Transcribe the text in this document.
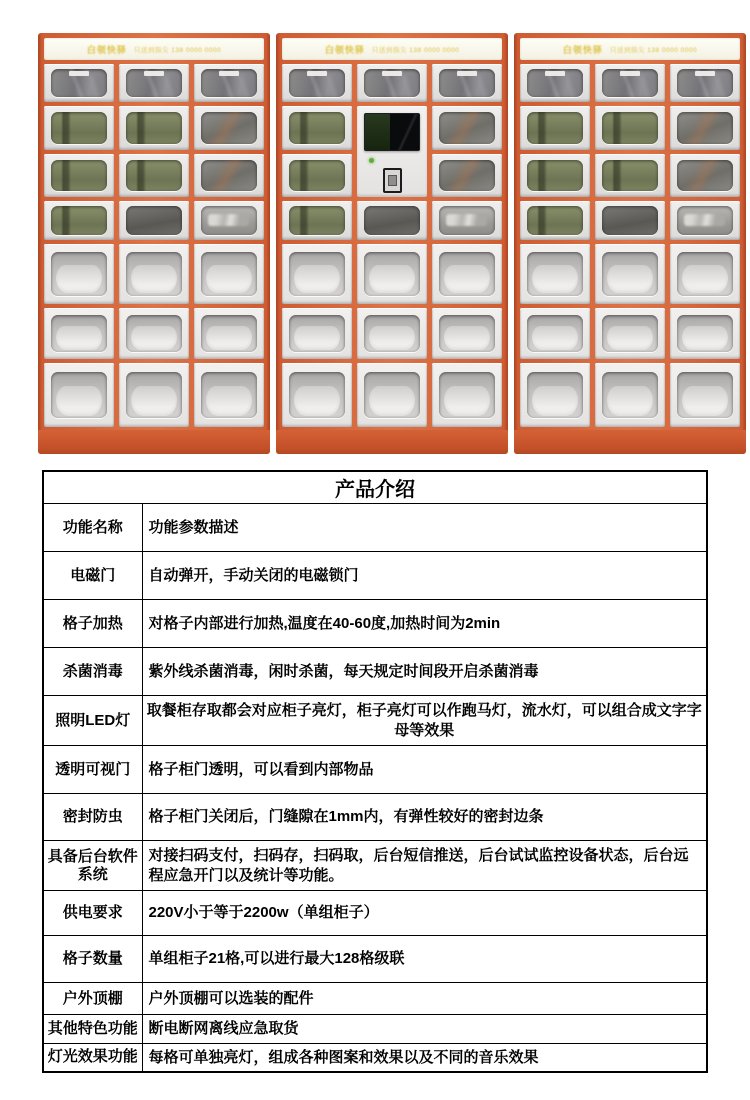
白领快驿 只送到指尖 138 0000 0000	白领快驿 只送到指尖 138 0000 0000	白领快驿 只送到指尖 138 0000 0000
产品介绍	
功能名称	功能参数描述
电磁门	自动弹开，手动关闭的电磁锁门
格子加热	对格子内部进行加热,温度在40-60度,加热时间为2min
杀菌消毒	紫外线杀菌消毒，闲时杀菌，每天规定时间段开启杀菌消毒
照明LED灯	取餐柜存取都会对应柜子亮灯，柜子亮灯可以作跑马灯，流水灯，可以组合成文字字母等效果
透明可视门	格子柜门透明，可以看到内部物品
密封防虫	格子柜门关闭后，门缝隙在1mm内，有弹性较好的密封边条
具备后台软件系统	对接扫码支付，扫码存，扫码取，后台短信推送，后台试试监控设备状态，后台远程应急开门以及统计等功能。
供电要求	220V小于等于2200w（单组柜子）
格子数量	单组柜子21格,可以进行最大128格级联
户外顶棚	户外顶棚可以选装的配件
其他特色功能	断电断网离线应急取货
灯光效果功能	每格可单独亮灯，组成各种图案和效果以及不同的音乐效果
